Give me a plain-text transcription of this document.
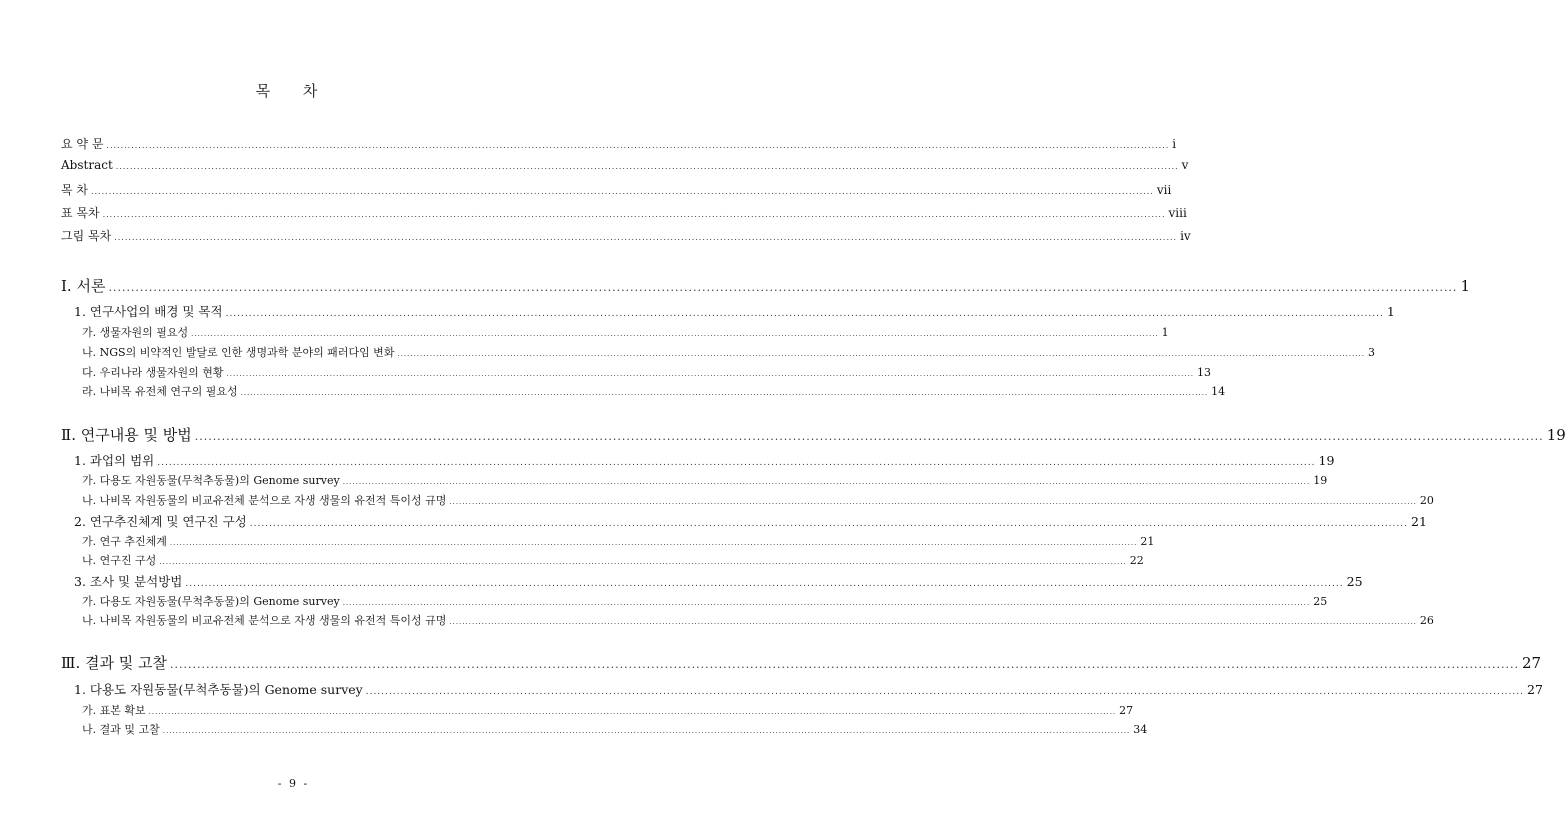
목 차
요 약 문 ............................................................................................................................................................................................................................................................................................................ i
Abstract ............................................................................................................................................................................................................................................................................................................ v
목 차 ............................................................................................................................................................................................................................................................................................................ vii
표 목차 ............................................................................................................................................................................................................................................................................................................ viii
그림 목차 ............................................................................................................................................................................................................................................................................................................ iv
I. 서론 ............................................................................................................................................................................................................................................................................................................ 1
1. 연구사업의 배경 및 목적 ............................................................................................................................................................................................................................................................................................................ 1
가. 생물자원의 필요성 ............................................................................................................................................................................................................................................................................................................ 1
나. NGS의 비약적인 발달로 인한 생명과학 분야의 패러다임 변화 ............................................................................................................................................................................................................................................................................................................ 3
다. 우리나라 생물자원의 현황 ............................................................................................................................................................................................................................................................................................................ 13
라. 나비목 유전체 연구의 필요성 ............................................................................................................................................................................................................................................................................................................ 14
Ⅱ. 연구내용 및 방법 ............................................................................................................................................................................................................................................................................................................ 19
1. 과업의 범위 ............................................................................................................................................................................................................................................................................................................ 19
가. 다용도 자원동물(무척추동물)의 Genome survey ............................................................................................................................................................................................................................................................................................................ 19
나. 나비목 자원동물의 비교유전체 분석으로 자생 생물의 유전적 특이성 규명 ............................................................................................................................................................................................................................................................................................................ 20
2. 연구추진체계 및 연구진 구성 ............................................................................................................................................................................................................................................................................................................ 21
가. 연구 추진체계 ............................................................................................................................................................................................................................................................................................................ 21
나. 연구진 구성 ............................................................................................................................................................................................................................................................................................................ 22
3. 조사 및 분석방법 ............................................................................................................................................................................................................................................................................................................ 25
가. 다용도 자원동물(무척추동물)의 Genome survey ............................................................................................................................................................................................................................................................................................................ 25
나. 나비목 자원동물의 비교유전체 분석으로 자생 생물의 유전적 특이성 규명 ............................................................................................................................................................................................................................................................................................................ 26
Ⅲ. 결과 및 고찰 ............................................................................................................................................................................................................................................................................................................ 27
1. 다용도 자원동물(무척추동물)의 Genome survey ............................................................................................................................................................................................................................................................................................................ 27
가. 표본 확보 ............................................................................................................................................................................................................................................................................................................ 27
나. 결과 및 고찰 ............................................................................................................................................................................................................................................................................................................ 34
- 9 -
